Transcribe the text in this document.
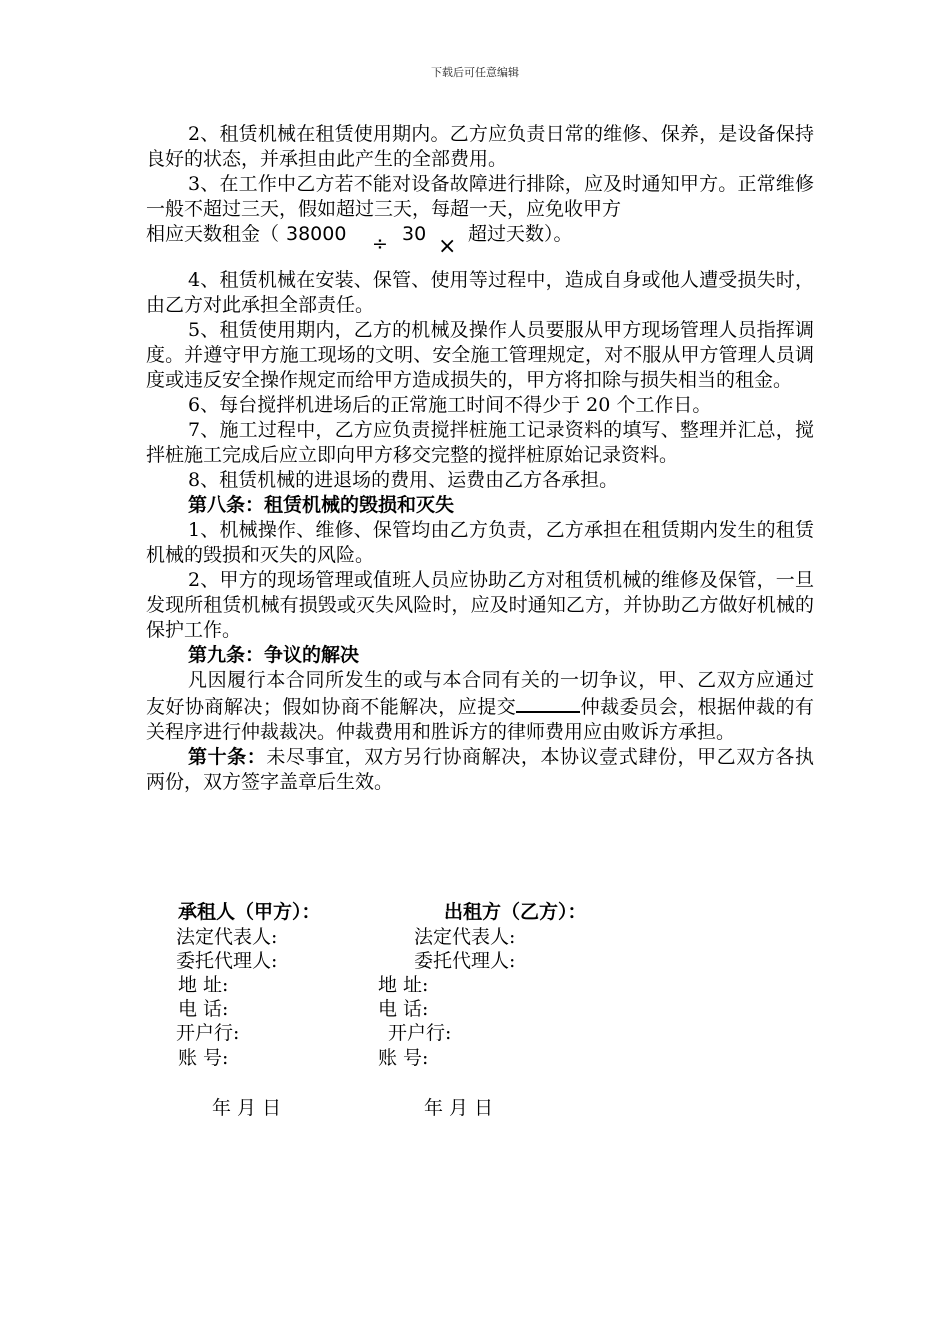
下载后可任意编辑

2、租赁机械在租赁使用期内。乙方应负责日常的维修、保养，是设备保持良好的状态，并承担由此产生的全部费用。

3、在工作中乙方若不能对设备故障进行排除，应及时通知甲方。正常维修一般不超过三天，假如超过三天，每超一天，应免收甲方

相应天数租金（ 38000 ÷ 30 × 超过天数）。

4、租赁机械在安装、保管、使用等过程中，造成自身或他人遭受损失时，由乙方对此承担全部责任。

5、租赁使用期内，乙方的机械及操作人员要服从甲方现场管理人员指挥调度。并遵守甲方施工现场的文明、安全施工管理规定，对不服从甲方管理人员调度或违反安全操作规定而给甲方造成损失的，甲方将扣除与损失相当的租金。

6、每台搅拌机进场后的正常施工时间不得少于 20 个工作日。

7、施工过程中，乙方应负责搅拌桩施工记录资料的填写、整理并汇总，搅拌桩施工完成后应立即向甲方移交完整的搅拌桩原始记录资料。

8、租赁机械的进退场的费用、运费由乙方各承担。

第八条：租赁机械的毁损和灭失

1、机械操作、维修、保管均由乙方负责，乙方承担在租赁期内发生的租赁机械的毁损和灭失的风险。

2、甲方的现场管理或值班人员应协助乙方对租赁机械的维修及保管，一旦发现所租赁机械有损毁或灭失风险时，应及时通知乙方，并协助乙方做好机械的保护工作。

第九条：争议的解决

凡因履行本合同所发生的或与本合同有关的一切争议，甲、乙双方应通过友好协商解决；假如协商不能解决，应提交	仲裁委员会，根据仲裁的有关程序进行仲裁裁决。仲裁费用和胜诉方的律师费用应由败诉方承担。

第十条：未尽事宜，双方另行协商解决，本协议壹式肆份，甲乙双方各执两份，双方签字盖章后生效。

承租人（甲方）：	出租方（乙方）：
法定代表人:	法定代表人:
委托代理人:	委托代理人:
地 址:	地 址:
电 话:	电 话:
开户行:	开户行:
账 号:	账 号:
年 月 日	年 月 日
